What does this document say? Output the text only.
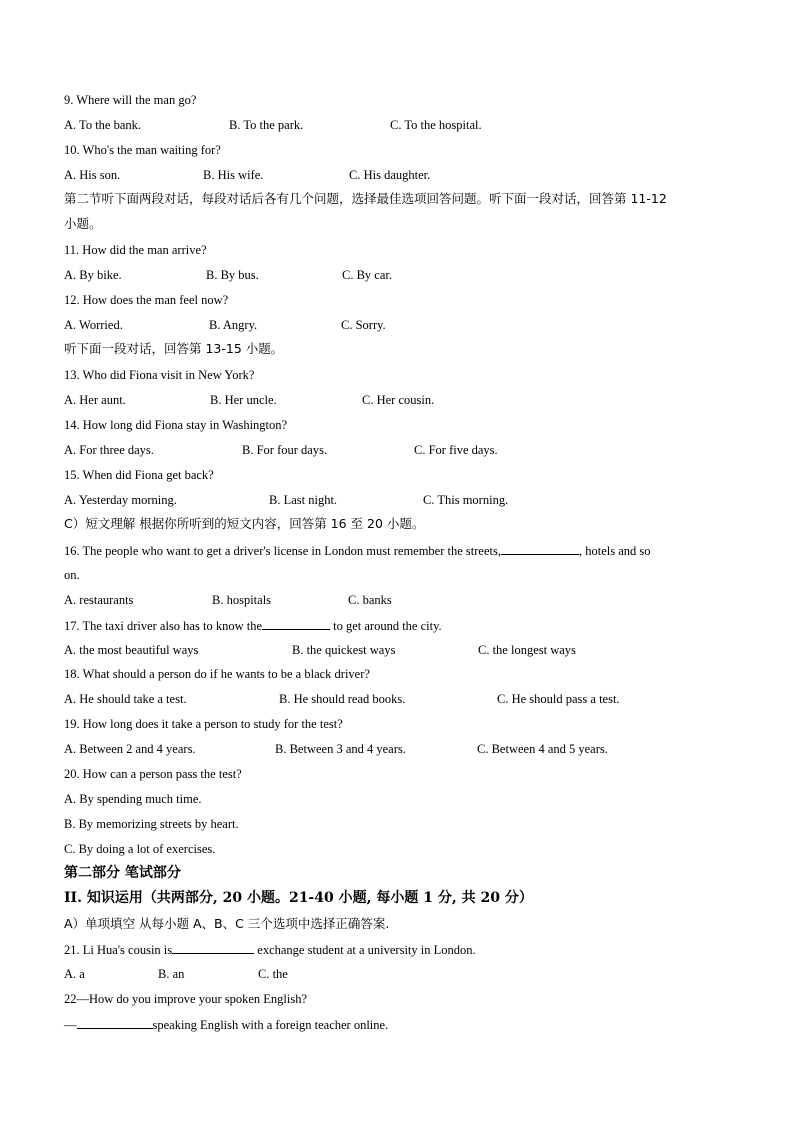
9. Where will the man go?
A. To the bank.	B. To the park.	C. To the hospital.
10. Who's the man waiting for?
A. His son.	B. His wife.	C. His daughter.
第二节听下面两段对话，每段对话后各有几个问题，选择最佳选项回答问题。听下面一段对话，回答第 11-12
小题。
11. How did the man arrive?
A. By bike.	B. By bus.	C. By car.
12. How does the man feel now?
A. Worried.	B. Angry.	C. Sorry.
听下面一段对话，回答第 13-15 小题。
13. Who did Fiona visit in New York?
A. Her aunt.	B. Her uncle.	C. Her cousin.
14. How long did Fiona stay in Washington?
A. For three days.	B. For four days.	C. For five days.
15. When did Fiona get back?
A. Yesterday morning.	B. Last night.	C. This morning.
C）短文理解 根据你所听到的短文内容，回答第 16 至 20 小题。
16. The people who want to get a driver's license in London must remember the streets,	, hotels and so
on.
A. restaurants	B. hospitals	C. banks
17. The taxi driver also has to know the	to get around the city.
A. the most beautiful ways	B. the quickest ways	C. the longest ways
18. What should a person do if he wants to be a black driver?
A. He should take a test.	B. He should read books.	C. He should pass a test.
19. How long does it take a person to study for the test?
A. Between 2 and 4 years.	B. Between 3 and 4 years.	C. Between 4 and 5 years.
20. How can a person pass the test?
A. By spending much time.
B. By memorizing streets by heart.
C. By doing a lot of exercises.
第二部分 笔试部分
II. 知识运用（共两部分, 20 小题。21-40 小题, 每小题 1 分, 共 20 分）
A）单项填空 从每小题 A、B、C 三个选项中选择正确答案.
21. Li Hua's cousin is	exchange student at a university in London.
A. a	B. an	C. the
22—How do you improve your spoken English?
—	speaking English with a foreign teacher online.
